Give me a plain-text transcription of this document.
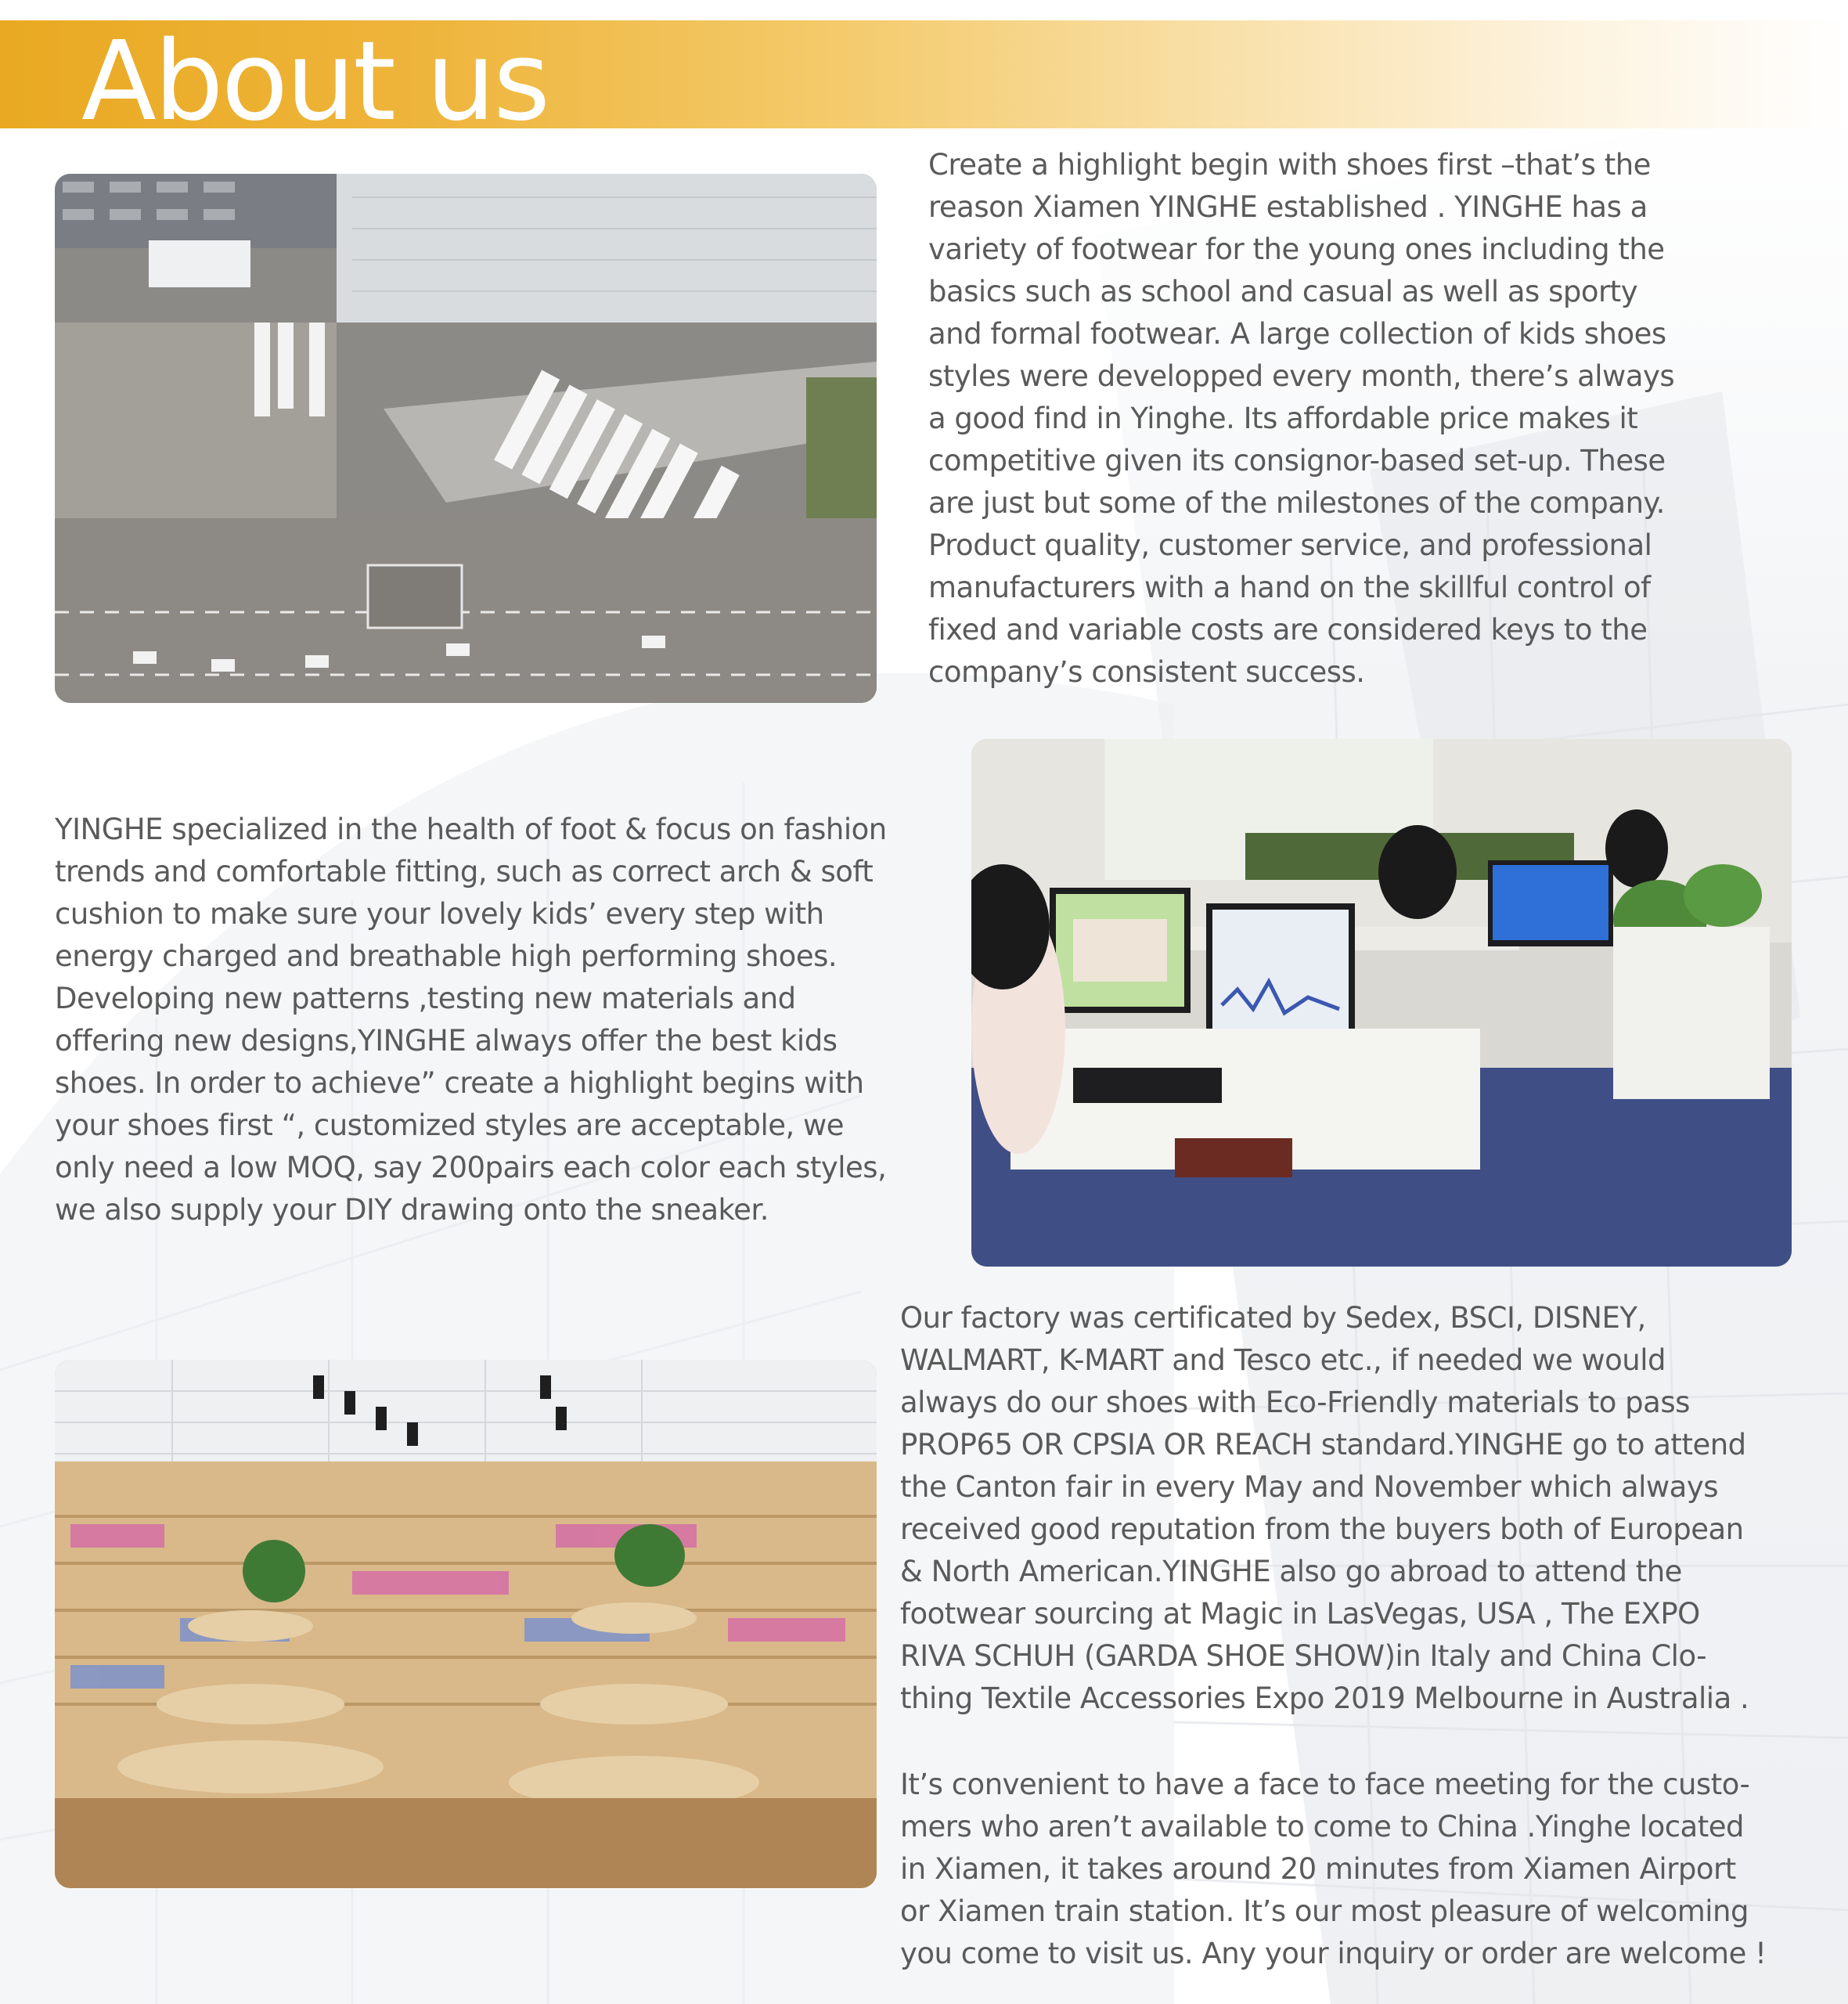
About us

Create a highlight begin with shoes first –that’s the
reason Xiamen YINGHE established . YINGHE has a
variety of footwear for the young ones including the
basics such as school and casual as well as sporty
and formal footwear. A large collection of kids shoes
styles were developped every month, there’s always
a good find in Yinghe. Its affordable price makes it
competitive given its consignor-based set-up. These
are just but some of the milestones of the company.
Product quality, customer service, and professional
manufacturers with a hand on the skillful control of
fixed and variable costs are considered keys to the
company’s consistent success.

YINGHE specialized in the health of foot & focus on fashion
trends and comfortable fitting, such as correct arch & soft
cushion to make sure your lovely kids’ every step with
energy charged and breathable high performing shoes.
Developing new patterns ,testing new materials and
offering new designs,YINGHE always offer the best kids
shoes. In order to achieve” create a highlight begins with
your shoes first “, customized styles are acceptable, we
only need a low MOQ, say 200pairs each color each styles,
we also supply your DIY drawing onto the sneaker.

Our factory was certificated by Sedex, BSCI, DISNEY,
WALMART, K-MART and Tesco etc., if needed we would
always do our shoes with Eco-Friendly materials to pass
PROP65 OR CPSIA OR REACH standard.YINGHE go to attend
the Canton fair in every May and November which always
received good reputation from the buyers both of European
& North American.YINGHE also go abroad to attend the
footwear sourcing at Magic in LasVegas, USA , The EXPO
RIVA SCHUH (GARDA SHOE SHOW)in Italy and China Clo-
thing Textile Accessories Expo 2019 Melbourne in Australia .

It’s convenient to have a face to face meeting for the custo-
mers who aren’t available to come to China .Yinghe located
in Xiamen, it takes around 20 minutes from Xiamen Airport
or Xiamen train station. It’s our most pleasure of welcoming
you come to visit us. Any your inquiry or order are welcome !
